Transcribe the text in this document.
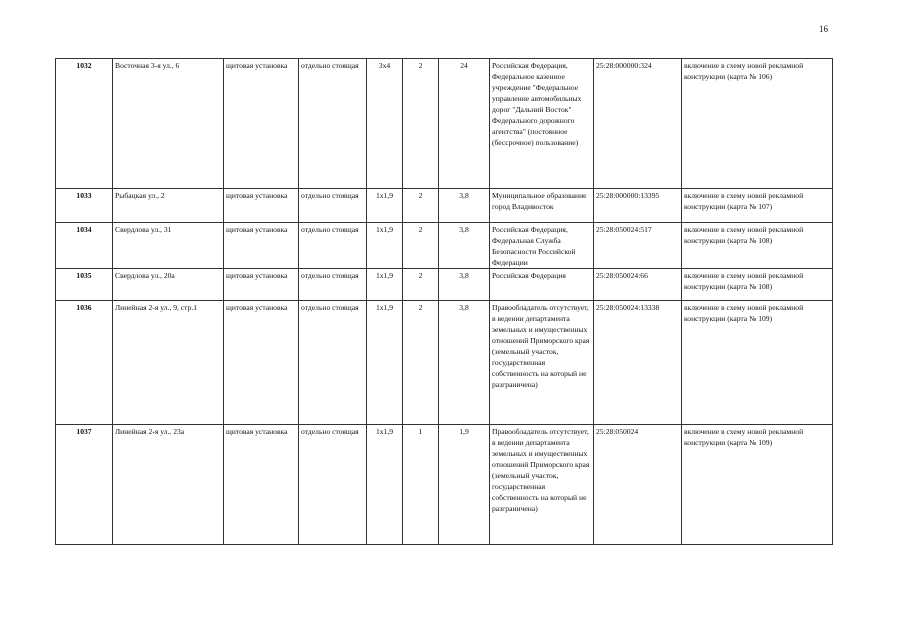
16
1032	Восточная 3-я ул., 6	щитовая установка	отдельно стоящая	3x4	2	24	Российская Федерация, Федеральное казенное учреждение "Федеральное управление автомобильных дорог "Дальний Восток" Федерального дорожного агентства" (постоянное (бессрочное) пользование)	25:28:000000:324	включение в схему новой рекламной конструкции (карта № 106)
1033	Рыбацкая ул., 2	щитовая установка	отдельно стоящая	1x1,9	2	3,8	Муниципальное образование город Владивосток	25:28:000000:13395	включение в схему новой рекламной конструкции (карта № 107)
1034	Свердлова ул., 31	щитовая установка	отдельно стоящая	1x1,9	2	3,8	Российская Федерация, Федеральная Служба Безопасности Российской Федерации	25:28:050024:517	включение в схему новой рекламной конструкции (карта № 108)
1035	Свердлова ул., 20а	щитовая установка	отдельно стоящая	1x1,9	2	3,8	Российская Федерация	25:28:050024:66	включение в схему новой рекламной конструкции (карта № 108)
1036	Линейная 2-я ул., 9, стр.1	щитовая установка	отдельно стоящая	1x1,9	2	3,8	Правообладатель отсутствует, в ведении департамента земельных и имущественных отношений Приморского края (земельный участок, государственная собственность на который не разграничена)	25:28:050024:13338	включение в схему новой рекламной конструкции (карта № 109)
1037	Линейная 2-я ул., 23а	щитовая установка	отдельно стоящая	1x1,9	1	1,9	Правообладатель отсутствует, в ведении департамента земельных и имущественных отношений Приморского края (земельный участок, государственная собственность на который не разграничена)	25:28:050024	включение в схему новой рекламной конструкции (карта № 109)
